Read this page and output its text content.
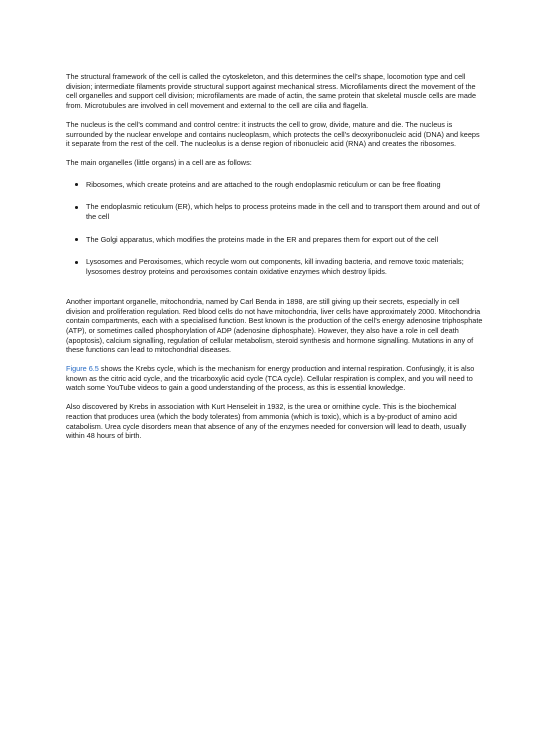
The structural framework of the cell is called the cytoskeleton, and this determines the cell’s shape, locomotion type and cell division; intermediate filaments provide structural support against mechanical stress. Microfilaments direct the movement of the cell organelles and support cell division; microfilaments are made of actin, the same protein that skeletal muscle cells are made from. Microtubules are involved in cell movement and external to the cell are cilia and flagella.

The nucleus is the cell’s command and control centre: it instructs the cell to grow, divide, mature and die. The nucleus is surrounded by the nuclear envelope and contains nucleoplasm, which protects the cell’s deoxyribonucleic acid (DNA) and keeps it separate from the rest of the cell. The nucleolus is a dense region of ribonucleic acid (RNA) and creates the ribosomes.

The main organelles (little organs) in a cell are as follows:

Ribosomes, which create proteins and are attached to the rough endoplasmic reticulum or can be free floating
The endoplasmic reticulum (ER), which helps to process proteins made in the cell and to transport them around and out of the cell
The Golgi apparatus, which modifies the proteins made in the ER and prepares them for export out of the cell
Lysosomes and Peroxisomes, which recycle worn out components, kill invading bacteria, and remove toxic materials; lysosomes destroy proteins and peroxisomes contain oxidative enzymes which destroy lipids.

Another important organelle, mitochondria, named by Carl Benda in 1898, are still giving up their secrets, especially in cell division and proliferation regulation. Red blood cells do not have mitochondria, liver cells have approximately 2000. Mitochondria contain compartments, each with a specialised function. Best known is the production of the cell’s energy adenosine triphosphate (ATP), or sometimes called phosphorylation of ADP (adenosine diphosphate). However, they also have a role in cell death (apoptosis), calcium signalling, regulation of cellular metabolism, steroid synthesis and hormone signalling. Mutations in any of these functions can lead to mitochondrial diseases.

Figure 6.5 shows the Krebs cycle, which is the mechanism for energy production and internal respiration. Confusingly, it is also known as the citric acid cycle, and the tricarboxylic acid cycle (TCA cycle). Cellular respiration is complex, and you will need to watch some YouTube videos to gain a good understanding of the process, as this is essential knowledge.

Also discovered by Krebs in association with Kurt Henseleit in 1932, is the urea or ornithine cycle. This is the biochemical reaction that produces urea (which the body tolerates) from ammonia (which is toxic), which is a by-product of amino acid catabolism. Urea cycle disorders mean that absence of any of the enzymes needed for conversion will lead to death, usually within 48 hours of birth.
